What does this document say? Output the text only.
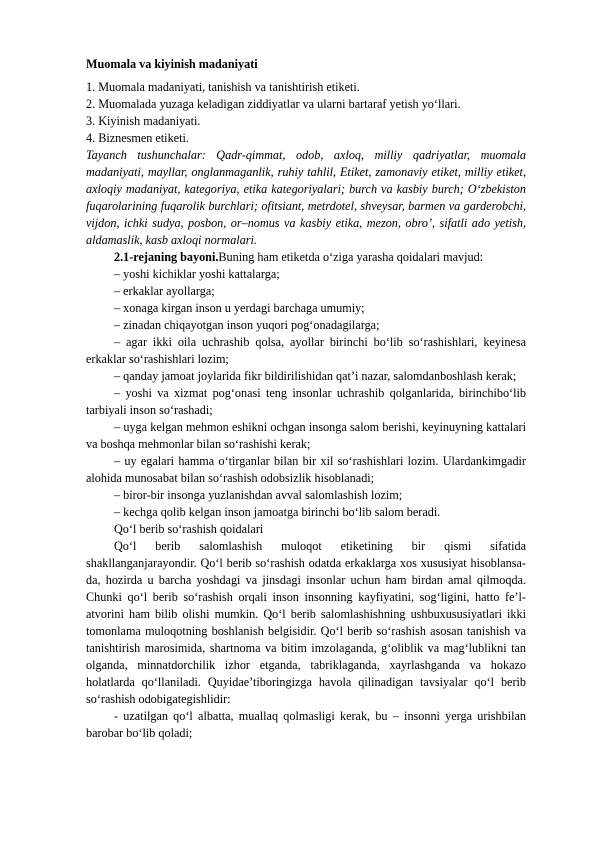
Muomala va kiyinish madaniyati

1. Muomala madaniyati, tanishish va tanishtirish etiketi.

2. Muomalada yuzaga keladigan ziddiyatlar va ularni bartaraf yetish yo‘llari.

3. Kiyinish madaniyati.

4. Biznesmen etiketi.

Tayanch tushunchalar: Qadr-qimmat, odob, axloq, milliy qadriyatlar, muomala madaniyati, mayllar, onglanmaganlik, ruhiy tahlil, Etiket, zamonaviy etiket, milliy etiket, axloqiy madaniyat, kategoriya, etika kategoriyalari; burch va kasbiy burch; O‘zbekiston fuqarolarining fuqarolik burchlari; ofitsiant, metrdotel, shveysar, barmen va garderobchi, vijdon, ichki sudya, posbon, or–nomus va kasbiy etika, mezon, obro’, sifatli ado yetish, aldamaslik, kasb axloqi normalari.

2.1-rejaning bayoni.Buning ham etiketda o‘ziga yarasha qoidalari mavjud:

– yoshi kichiklar yoshi kattalarga;

– erkaklar ayollarga;

– xonaga kirgan inson u yerdagi barchaga umumiy;

– zinadan chiqayotgan inson yuqori pog‘onadagilarga;

– agar ikki oila uchrashib qolsa, ayollar birinchi bo‘lib so‘rashishlari, keyinesa erkaklar so‘rashishlari lozim;

– qanday jamoat joylarida fikr bildirilishidan qat’i nazar, salomdanboshlash kerak;

– yoshi va xizmat pog‘onasi teng insonlar uchrashib qolganlarida, birinchibo‘lib tarbiyali inson so‘rashadi;

– uyga kelgan mehmon eshikni ochgan insonga salom berishi, keyinuyning kattalari va boshqa mehmonlar bilan so‘rashishi kerak;

– uy egalari hamma o‘tirganlar bilan bir xil so‘rashishlari lozim. Ulardankimgadir alohida munosabat bilan so‘rashish odobsizlik hisoblanadi;

– biror-bir insonga yuzlanishdan avval salomlashish lozim;

– kechga qolib kelgan inson jamoatga birinchi bo‘lib salom beradi.

Qo‘l berib so‘rashish qoidalari

Qo‘l berib salomlashish muloqot etiketining bir qismi sifatida shakllanganjarayondir. Qo‘l berib so‘rashish odatda erkaklarga xos xususiyat hisoblansa-da, hozirda u barcha yoshdagi va jinsdagi insonlar uchun ham birdan amal qilmoqda. Chunki qo‘l berib so‘rashish orqali inson insonning kayfiyatini, sog‘ligini, hatto fe’l-atvorini ham bilib olishi mumkin. Qo‘l berib salomlashishning ushbuxususiyatlari ikki tomonlama muloqotning boshlanish belgisidir. Qo‘l berib so‘rashish asosan tanishish va tanishtirish marosimida, shartnoma va bitim imzolaganda, g‘oliblik va mag‘lublikni tan olganda, minnatdorchilik izhor etganda, tabriklaganda, xayrlashganda va hokazo holatlarda qo‘llaniladi. Quyidae’tiboringizga havola qilinadigan tavsiyalar qo‘l berib so‘rashish odobigategishlidir:

- uzatilgan qo‘l albatta, muallaq qolmasligi kerak, bu – insonni yerga urishbilan barobar bo‘lib qoladi;
